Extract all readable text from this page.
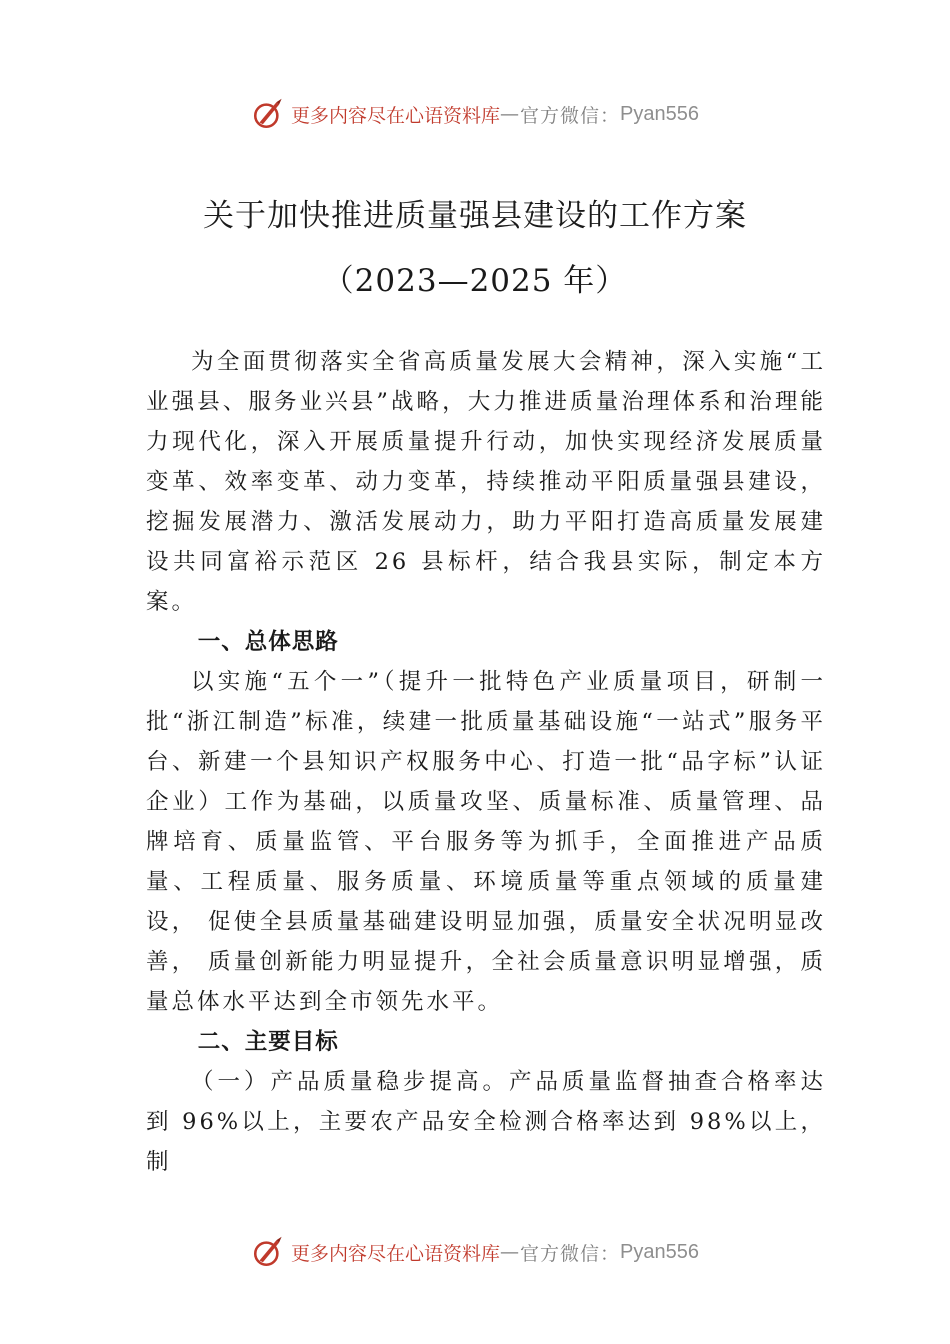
更多内容尽在心语资料库 — 官方微信： Pyan556
关于加快推进质量强县建设的工作方案
（2023—2025 年）

为全面贯彻落实全省高质量发展大会精神，深入实施“工业强县、服务业兴县”战略，大力推进质量治理体系和治理能力现代化，深入开展质量提升行动，加快实现经济发展质量变革、效率变革、动力变革，持续推动平阳质量强县建设，挖掘发展潜力、激活发展动力，助力平阳打造高质量发展建设共同富裕示范区 26 县标杆，结合我县实际，制定本方案。

一、总体思路

以实施“五个一”（提升一批特色产业质量项目，研制一批“浙江制造”标准，续建一批质量基础设施“一站式”服务平台、新建一个县知识产权服务中心、打造一批“品字标”认证企业）工作为基础，以质量攻坚、质量标准、质量管理、品牌培育、质量监管、平台服务等为抓手，全面推进产品质量、工程质量、服务质量、环境质量等重点领域的质量建设， 促使全县质量基础建设明显加强，质量安全状况明显改善， 质量创新能力明显提升，全社会质量意识明显增强，质量总体水平达到全市领先水平。

二、主要目标

（一）产品质量稳步提高。产品质量监督抽查合格率达到 96%以上，主要农产品安全检测合格率达到 98%以上，制

更多内容尽在心语资料库 — 官方微信： Pyan556
